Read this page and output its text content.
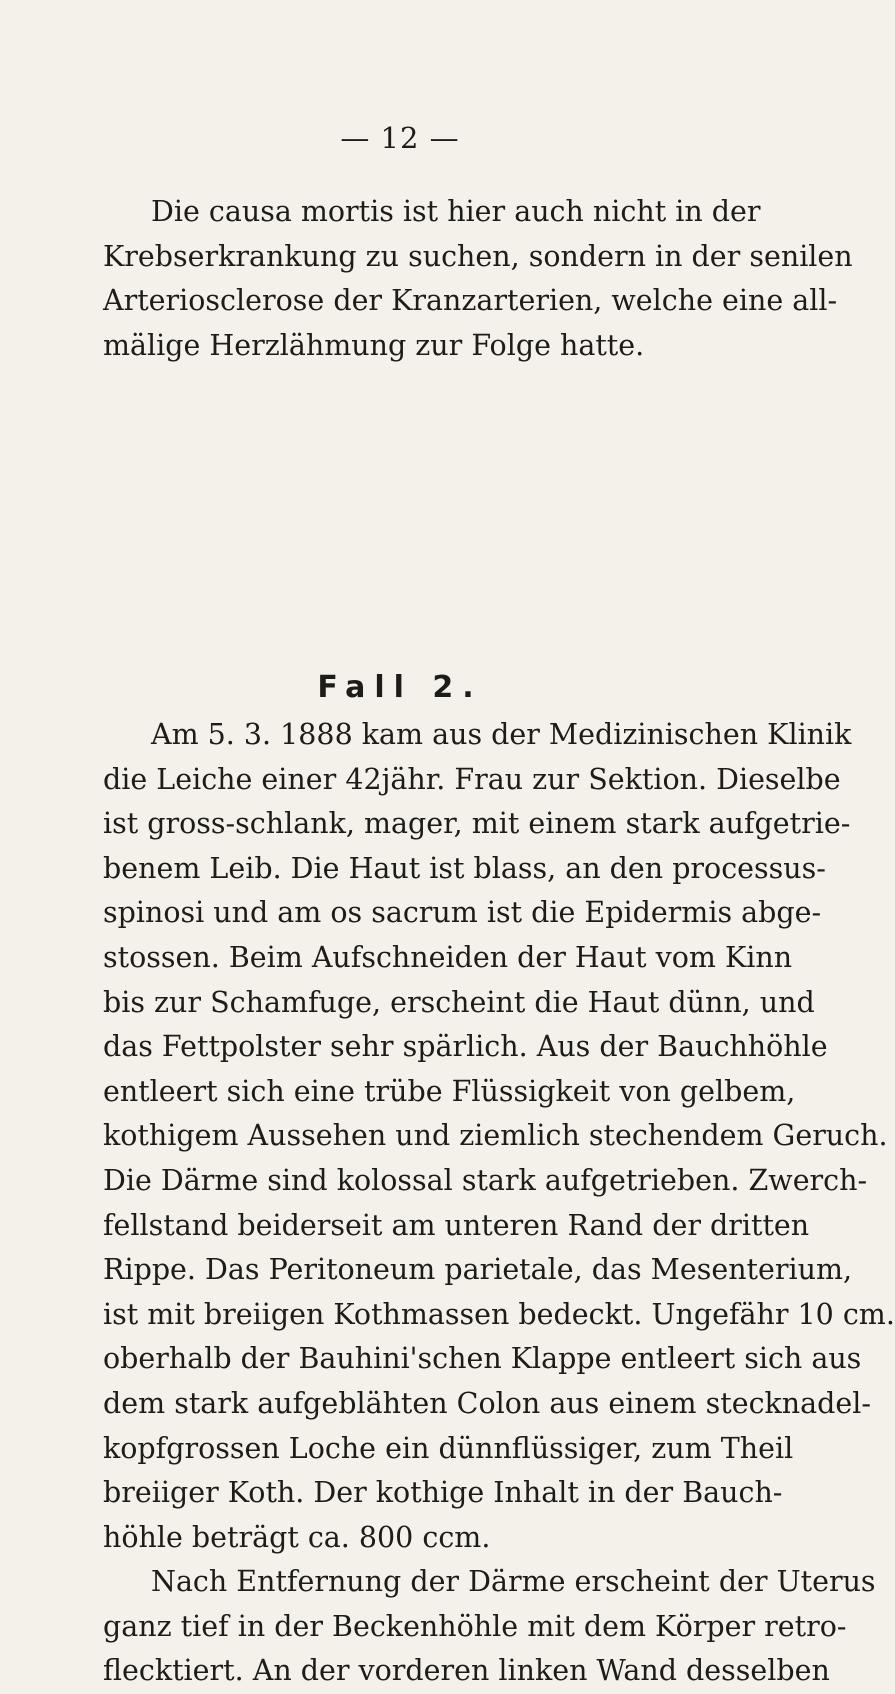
— 12 —
Die causa mortis ist hier auch nicht in der
Krebserkrankung zu suchen, sondern in der senilen
Arteriosclerose der Kranzarterien, welche eine all-
mälige Herzlähmung zur Folge hatte.
Fall 2.
Am 5. 3. 1888 kam aus der Medizinischen Klinik
die Leiche einer 42jähr. Frau zur Sektion. Dieselbe
ist gross-schlank, mager, mit einem stark aufgetrie-
benem Leib. Die Haut ist blass, an den processus-
spinosi und am os sacrum ist die Epidermis abge-
stossen. Beim Aufschneiden der Haut vom Kinn
bis zur Schamfuge, erscheint die Haut dünn, und
das Fettpolster sehr spärlich. Aus der Bauchhöhle
entleert sich eine trübe Flüssigkeit von gelbem,
kothigem Aussehen und ziemlich stechendem Geruch.
Die Därme sind kolossal stark aufgetrieben. Zwerch-
fellstand beiderseit am unteren Rand der dritten
Rippe. Das Peritoneum parietale, das Mesenterium,
ist mit breiigen Kothmassen bedeckt. Ungefähr 10 cm.
oberhalb der Bauhini'schen Klappe entleert sich aus
dem stark aufgeblähten Colon aus einem stecknadel-
kopfgrossen Loche ein dünnflüssiger, zum Theil
breiiger Koth. Der kothige Inhalt in der Bauch-
höhle beträgt ca. 800 ccm.
Nach Entfernung der Därme erscheint der Uterus
ganz tief in der Beckenhöhle mit dem Körper retro-
flecktiert. An der vorderen linken Wand desselben
